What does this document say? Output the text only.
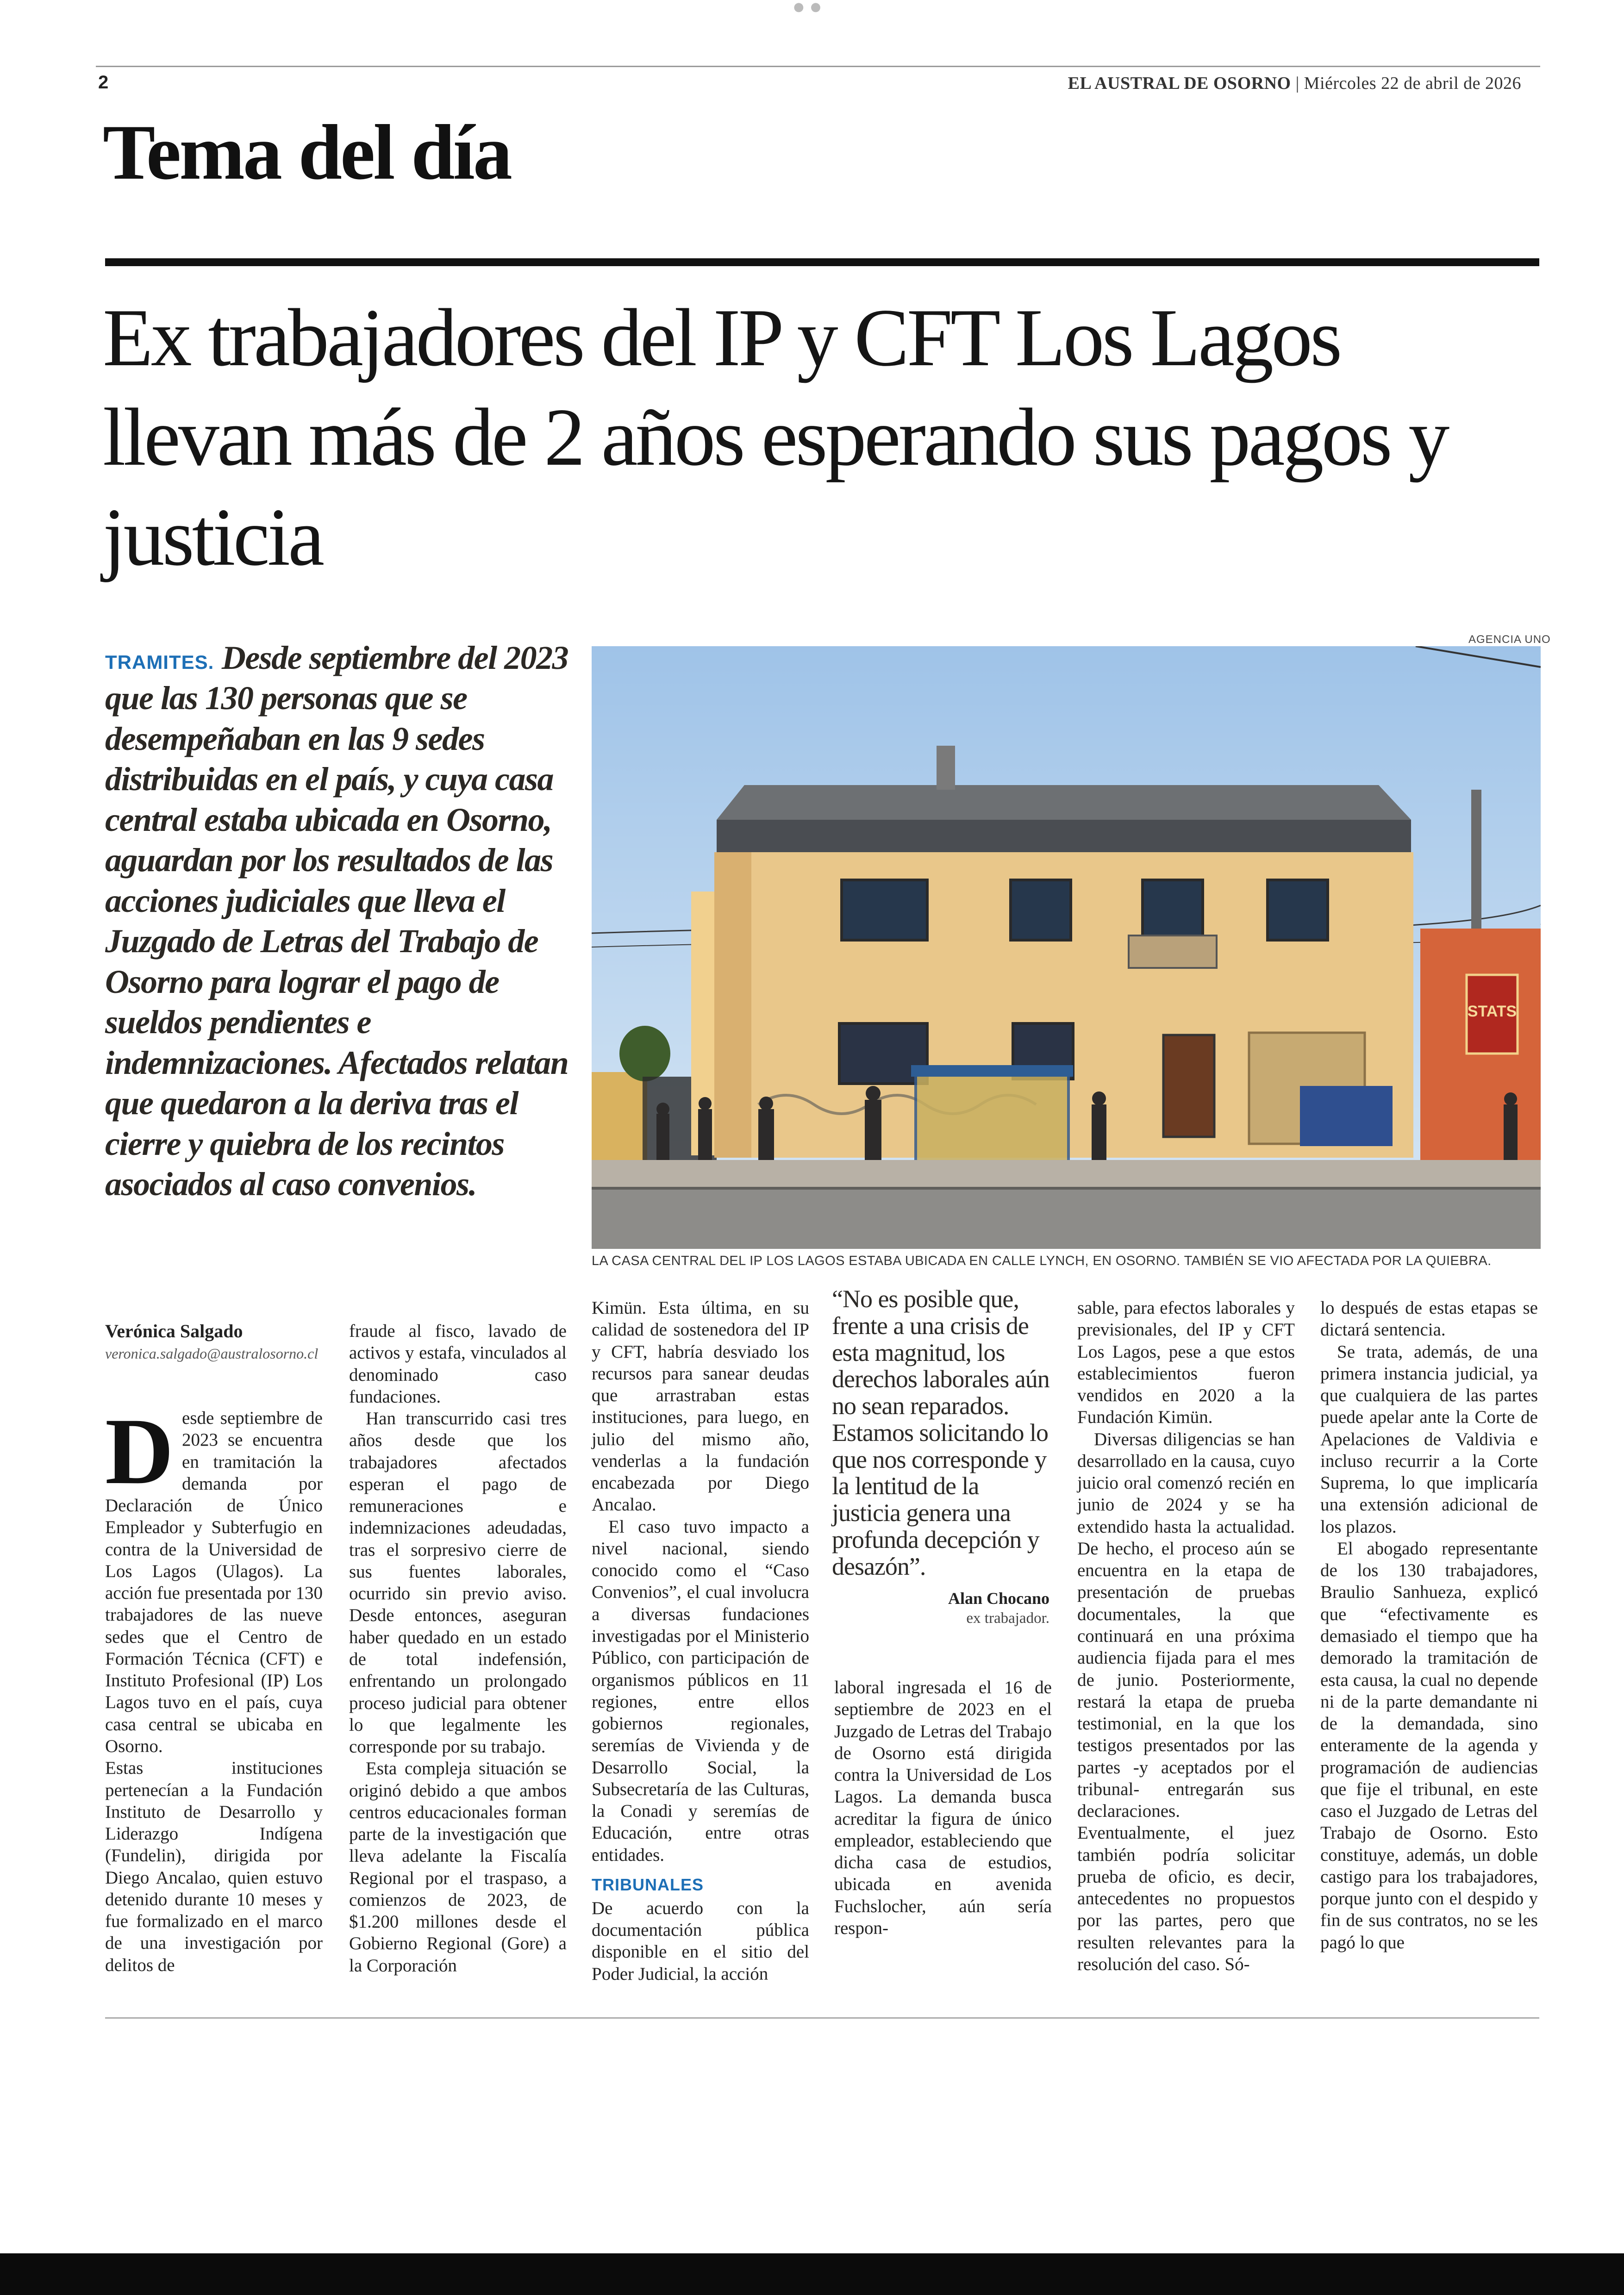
●●
2	EL AUSTRAL DE OSORNO | Miércoles 22 de abril de 2026
Tema del día
Ex trabajadores del IP y CFT Los Lagos llevan más de 2 años esperando sus pagos y justicia
TRAMITES. Desde septiembre del 2023 que las 130 personas que se desempeñaban en las 9 sedes distribuidas en el país, y cuya casa central estaba ubicada en Osorno, aguardan por los resultados de las acciones judiciales que lleva el Juzgado de Letras del Trabajo de Osorno para lograr el pago de sueldos pendientes e indemnizaciones. Afectados relatan que quedaron a la deriva tras el cierre y quiebra de los recintos asociados al caso convenios.
AGENCIA UNO
STATS
LA CASA CENTRAL DEL IP LOS LAGOS ESTABA UBICADA EN CALLE LYNCH, EN OSORNO. TAMBIÉN SE VIO AFECTADA POR LA QUIEBRA.
Verónica Salgado
veronica.salgado@australosorno.cl

Desde septiembre de 2023 se encuentra en tramitación la demanda por Declaración de Único Empleador y Subterfugio en contra de la Universidad de Los Lagos (Ulagos). La acción fue presentada por 130 trabajadores de las nueve sedes que el Centro de Formación Técnica (CFT) e Instituto Profesional (IP) Los Lagos tuvo en el país, cuya casa central se ubicaba en Osorno.

Estas instituciones pertenecían a la Fundación Instituto de Desarrollo y Liderazgo Indígena (Fundelin), dirigida por Diego Ancalao, quien estuvo detenido durante 10 meses y fue formalizado en el marco de una investigación por delitos de

fraude al fisco, lavado de activos y estafa, vinculados al denominado caso fundaciones.

Han transcurrido casi tres años desde que los trabajadores afectados esperan el pago de remuneraciones e indemnizaciones adeudadas, tras el sorpresivo cierre de sus fuentes laborales, ocurrido sin previo aviso. Desde entonces, aseguran haber quedado en un estado de total indefensión, enfrentando un prolongado proceso judicial para obtener lo que legalmente les corresponde por su trabajo.

Esta compleja situación se originó debido a que ambos centros educacionales forman parte de la investigación que lleva adelante la Fiscalía Regional por el traspaso, a comienzos de 2023, de $1.200 millones desde el Gobierno Regional (Gore) a la Corporación

Kimün. Esta última, en su calidad de sostenedora del IP y CFT, habría desviado los recursos para sanear deudas que arrastraban estas instituciones, para luego, en julio del mismo año, venderlas a la fundación encabezada por Diego Ancalao.

El caso tuvo impacto a nivel nacional, siendo conocido como el “Caso Convenios”, el cual involucra a diversas fundaciones investigadas por el Ministerio Público, con participación de organismos públicos en 11 regiones, entre ellos gobiernos regionales, seremías de Vivienda y de Desarrollo Social, la Subsecretaría de las Culturas, la Conadi y seremías de Educación, entre otras entidades.

TRIBUNALES

De acuerdo con la documentación pública disponible en el sitio del Poder Judicial, la acción

“No es posible que, frente a una crisis de esta magnitud, los derechos laborales aún no sean reparados. Estamos solicitando lo que nos corresponde y la lentitud de la justicia genera una profunda decepción y desazón”.
Alan Chocano
ex trabajador.

laboral ingresada el 16 de septiembre de 2023 en el Juzgado de Letras del Trabajo de Osorno está dirigida contra la Universidad de Los Lagos. La demanda busca acreditar la figura de único empleador, estableciendo que dicha casa de estudios, ubicada en avenida Fuchslocher, aún sería respon-

sable, para efectos laborales y previsionales, del IP y CFT Los Lagos, pese a que estos establecimientos fueron vendidos en 2020 a la Fundación Kimün.

Diversas diligencias se han desarrollado en la causa, cuyo juicio oral comenzó recién en junio de 2024 y se ha extendido hasta la actualidad. De hecho, el proceso aún se encuentra en la etapa de presentación de pruebas documentales, la que continuará en una próxima audiencia fijada para el mes de junio. Posteriormente, restará la etapa de prueba testimonial, en la que los testigos presentados por las partes -y aceptados por el tribunal- entregarán sus declaraciones. Eventualmente, el juez también podría solicitar prueba de oficio, es decir, antecedentes no propuestos por las partes, pero que resulten relevantes para la resolución del caso. Só-

lo después de estas etapas se dictará sentencia.

Se trata, además, de una primera instancia judicial, ya que cualquiera de las partes puede apelar ante la Corte de Apelaciones de Valdivia e incluso recurrir a la Corte Suprema, lo que implicaría una extensión adicional de los plazos.

El abogado representante de los 130 trabajadores, Braulio Sanhueza, explicó que “efectivamente es demasiado el tiempo que ha demorado la tramitación de esta causa, la cual no depende ni de la parte demandante ni de la demandada, sino enteramente de la agenda y programación de audiencias que fije el tribunal, en este caso el Juzgado de Letras del Trabajo de Osorno. Esto constituye, además, un doble castigo para los trabajadores, porque junto con el despido y fin de sus contratos, no se les pagó lo que
